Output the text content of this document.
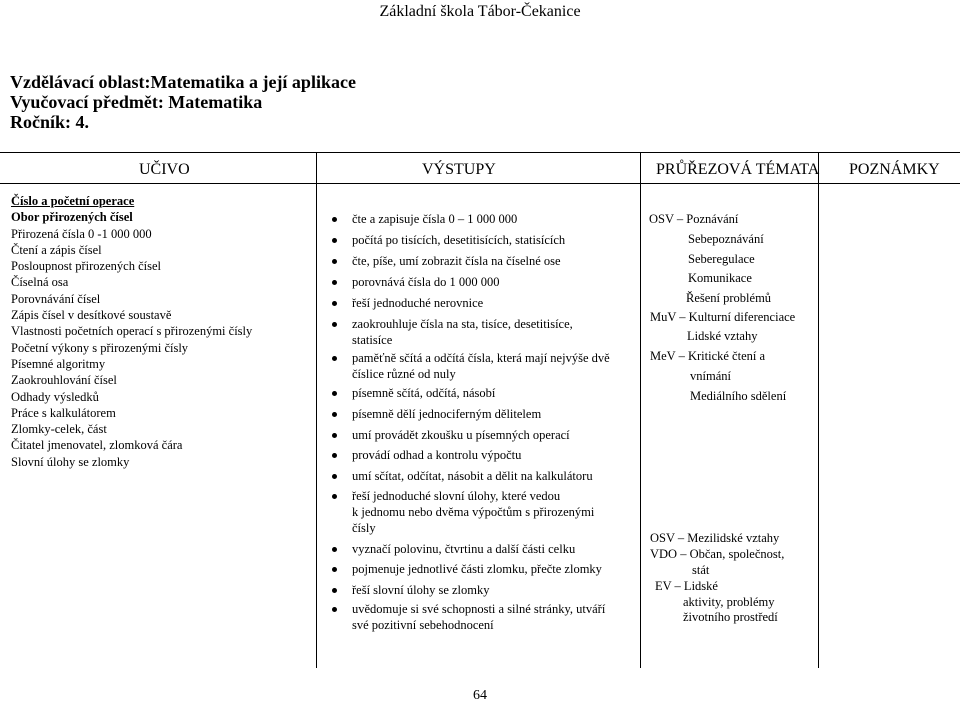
Základní škola Tábor-Čekanice
Vzdělávací oblast:Matematika a její aplikace
Vyučovací předmět: Matematika
Ročník: 4.
UČIVO	VÝSTUPY	PRŮŘEZOVÁ TÉMATA POZNÁMKY
Číslo a početní operace
Obor přirozených čísel
Přirozená čísla 0 -1 000 000
Čtení a zápis čísel
Posloupnost přirozených čísel
Číselná osa
Porovnávání čísel
Zápis čísel v desítkové soustavě
Vlastnosti početních operací s přirozenými čísly
Početní výkony s přirozenými čísly
Písemné algoritmy
Zaokrouhlování čísel
Odhady výsledků
Práce s kalkulátorem
Zlomky-celek, část
Čitatel jmenovatel, zlomková čára
Slovní úlohy se zlomky
čte a zapisuje čísla 0 – 1 000 000
počítá po tisících, desetitisících, statisících
čte, píše, umí zobrazit čísla na číselné ose
porovnává čísla do 1 000 000
řeší jednoduché nerovnice
zaokrouhluje čísla na sta, tisíce, desetitisíce,
statisíce
paměťně sčítá a odčítá čísla, která mají nejvýše dvě
číslice různé od nuly
písemně sčítá, odčítá, násobí
písemně dělí jednociferným dělitelem
umí provádět zkoušku u písemných operací
provádí odhad a kontrolu výpočtu
umí sčítat, odčítat, násobit a dělit na kalkulátoru
řeší jednoduché slovní úlohy, které vedou
k jednomu nebo dvěma výpočtům s přirozenými
čísly
vyznačí polovinu, čtvrtinu a další části celku
pojmenuje jednotlivé části zlomku, přečte zlomky
řeší slovní úlohy se zlomky
uvědomuje si své schopnosti a silné stránky, utváří
své pozitivní sebehodnocení
OSV – Poznávání
Sebepoznávání
Seberegulace
Komunikace
Řešení problémů
MuV – Kulturní diferenciace
Lidské vztahy
MeV – Kritické čtení a
vnímání
Mediálního sdělení
OSV – Mezilidské vztahy
VDO – Občan, společnost,
stát
EV – Lidské
aktivity, problémy
životního prostředí
64
